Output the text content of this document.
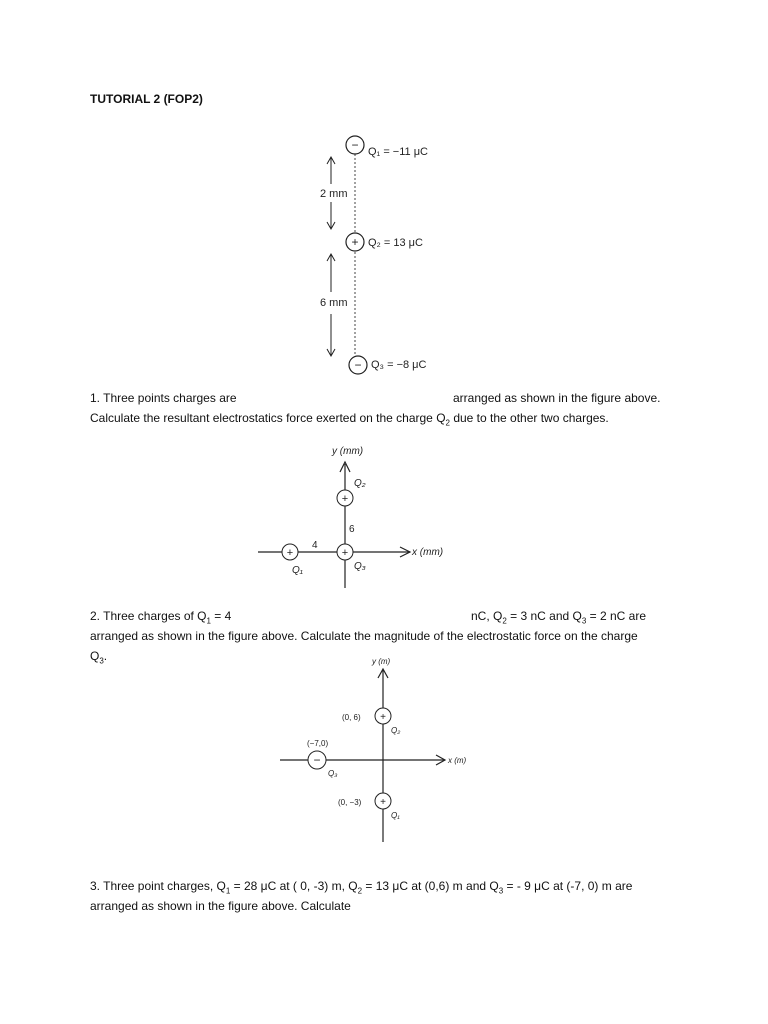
TUTORIAL 2 (FOP2)
− Q₁ = −11 μC
2 mm
+ Q₂ = 13 μC
6 mm
− Q₃ = −8 μC
1. Three points charges are	arranged as shown in the figure above.
Calculate the resultant electrostatics force exerted on the charge $Q_2$ due to the other two charges.
y (mm)
x (mm)
+
Q₂
6
+
Q₁
4
+
Q₃
2. Three charges of $Q_1 = 4$	nC, $Q_2 = 3$ nC and $Q_3 = 2$ nC are
arranged as shown in the figure above. Calculate the magnitude of the electrostatic force on the charge
$Q_3$.	y (m)
x (m)
+
(0, 6)
Q₂
−
(−7,0)
Q₃
+
(0, −3)
Q₁
3. Three point charges, $Q_1 = 28$ μC at ( 0, -3) m, $Q_2 = 13$ μC at (0,6) m and $Q_3$ = - 9 μC at (-7, 0) m are
arranged as shown in the figure above. Calculate
